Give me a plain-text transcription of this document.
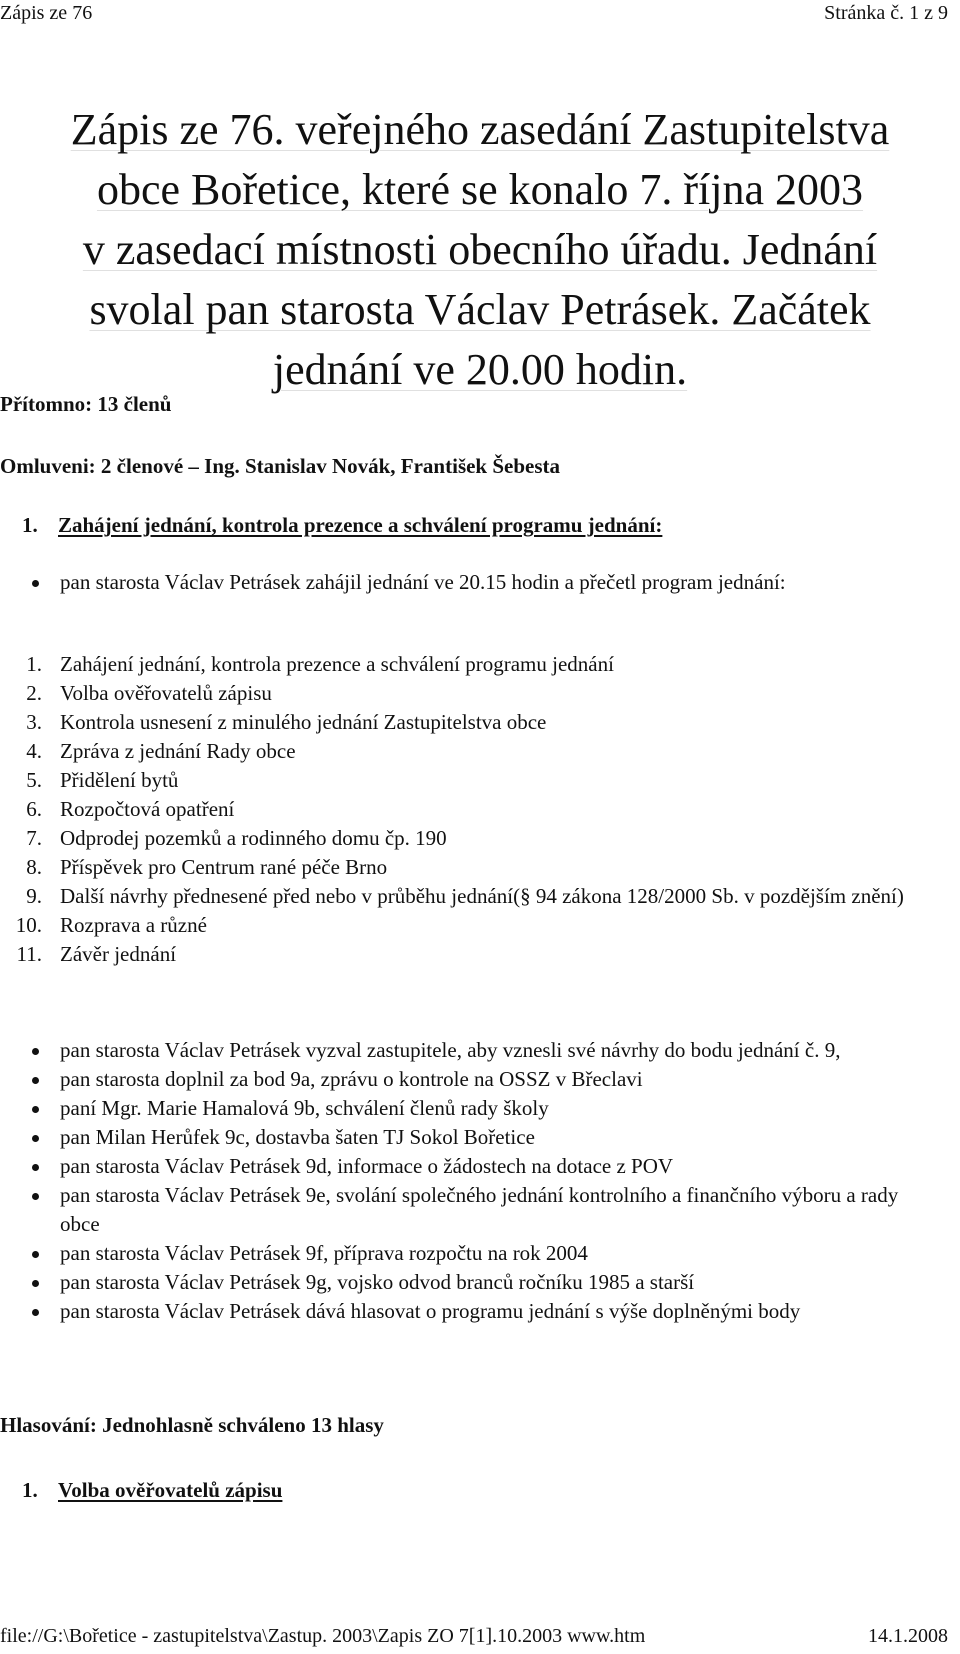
Zápis ze 76	Stránka č. 1 z 9
Zápis ze 76. veřejného zasedání Zastupitelstva
obce Bořetice, které se konalo 7. října 2003
v zasedací místnosti obecního úřadu. Jednání
svolal pan starosta Václav Petrásek. Začátek
jednání ve 20.00 hodin.
Přítomno: 13 členů
Omluveni: 2 členové – Ing. Stanislav Novák, František Šebesta
1. Zahájení jednání, kontrola prezence a schválení programu jednání:
pan starosta Václav Petrásek zahájil jednání ve 20.15 hodin a přečetl program jednání:
1. Zahájení jednání, kontrola prezence a schválení programu jednání
2. Volba ověřovatelů zápisu
3. Kontrola usnesení z minulého jednání Zastupitelstva obce
4. Zpráva z jednání Rady obce
5. Přidělení bytů
6. Rozpočtová opatření
7. Odprodej pozemků a rodinného domu čp. 190
8. Příspěvek pro Centrum rané péče Brno
9. Další návrhy přednesené před nebo v průběhu jednání(§ 94 zákona 128/2000 Sb. v pozdějším znění)
10. Rozprava a různé
11. Závěr jednání
pan starosta Václav Petrásek vyzval zastupitele, aby vznesli své návrhy do bodu jednání č. 9,
pan starosta doplnil za bod 9a, zprávu o kontrole na OSSZ v Břeclavi
paní Mgr. Marie Hamalová 9b, schválení členů rady školy
pan Milan Herůfek 9c, dostavba šaten TJ Sokol Bořetice
pan starosta Václav Petrásek 9d, informace o žádostech na dotace z POV
pan starosta Václav Petrásek 9e, svolání společného jednání kontrolního a finančního výboru a rady obce
pan starosta Václav Petrásek 9f, příprava rozpočtu na rok 2004
pan starosta Václav Petrásek 9g, vojsko odvod branců ročníku 1985 a starší
pan starosta Václav Petrásek dává hlasovat o programu jednání s výše doplněnými body
Hlasování: Jednohlasně schváleno 13 hlasy
1. Volba ověřovatelů zápisu
file://G:\Bořetice - zastupitelstva\Zastup. 2003\Zapis ZO 7[1].10.2003 www.htm	14.1.2008
